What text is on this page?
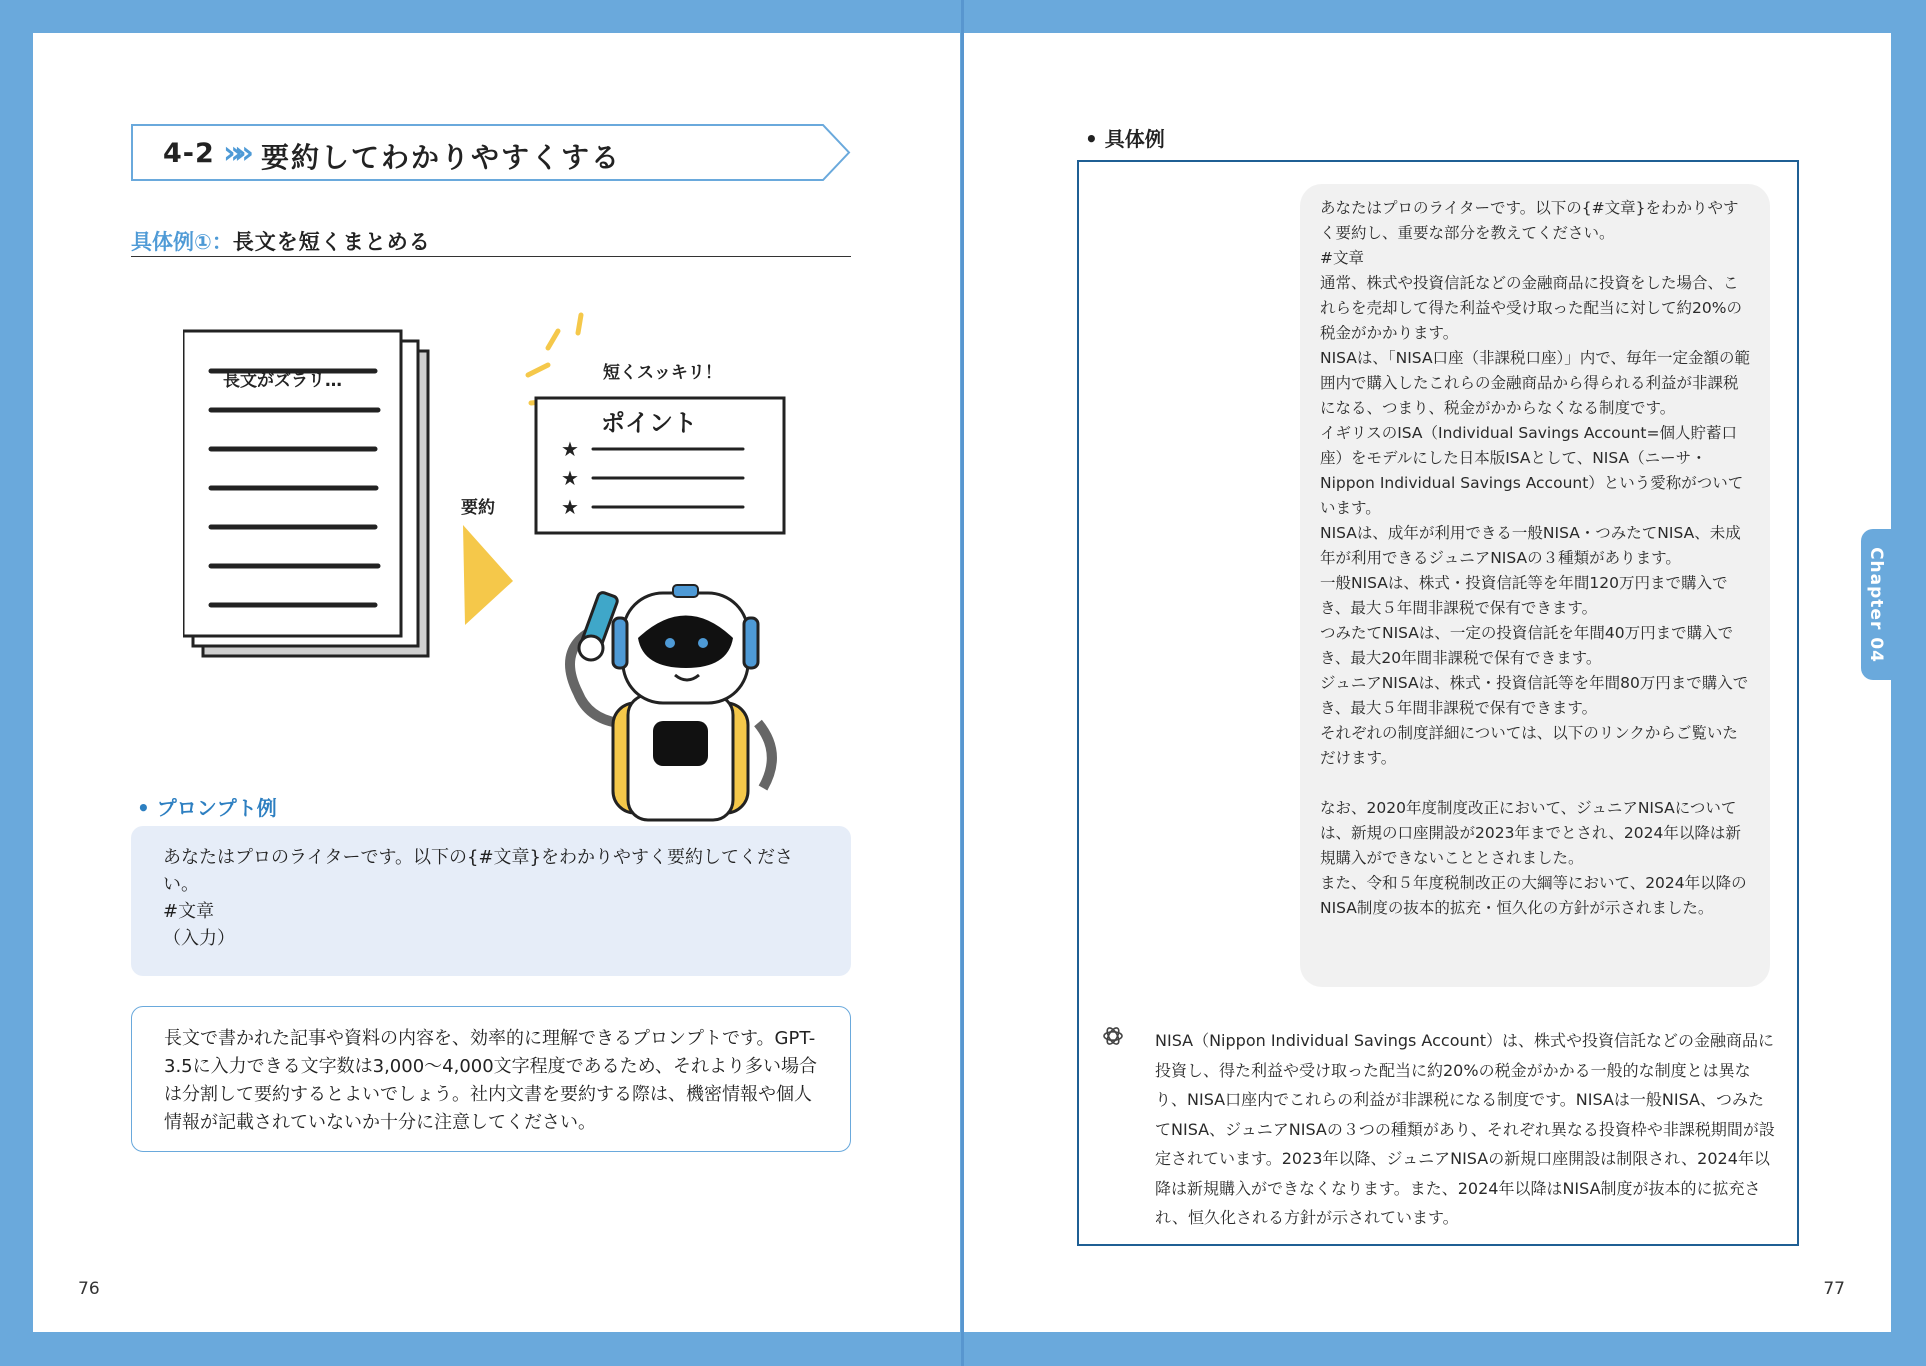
4-2 »» 要約してわかりやすくする
具体例①：長文を短くまとめる
★
★
★
長文がズラリ…	短くスッキリ！
要約
ポイント
• プロンプト例

あなたはプロのライターです。以下の{#文章}をわかりやすく要約してください。
#文章
（入力）

長文で書かれた記事や資料の内容を、効率的に理解できるプロンプトです。GPT-3.5に入力できる文字数は3,000〜4,000文字程度であるため、それより多い場合は分割して要約するとよいでしょう。社内文書を要約する際は、機密情報や個人情報が記載されていないか十分に注意してください。

76
• 具体例

あなたはプロのライターです。以下の{#文章}をわかりやすく要約し、重要な部分を教えてください。
#文章
通常、株式や投資信託などの金融商品に投資をした場合、これらを売却して得た利益や受け取った配当に対して約20%の税金がかかります。
NISAは、「NISA口座（非課税口座）」内で、毎年一定金額の範囲内で購入したこれらの金融商品から得られる利益が非課税になる、つまり、税金がかからなくなる制度です。
イギリスのISA（Individual Savings Account=個人貯蓄口座）をモデルにした日本版ISAとして、NISA（ニーサ・Nippon Individual Savings Account）という愛称がついています。
NISAは、成年が利用できる一般NISA・つみたてNISA、未成年が利用できるジュニアNISAの３種類があります。
一般NISAは、株式・投資信託等を年間120万円まで購入でき、最大５年間非課税で保有できます。
つみたてNISAは、一定の投資信託を年間40万円まで購入でき、最大20年間非課税で保有できます。
ジュニアNISAは、株式・投資信託等を年間80万円まで購入でき、最大５年間非課税で保有できます。
それぞれの制度詳細については、以下のリンクからご覧いただけます。

なお、2020年度制度改正において、ジュニアNISAについては、新規の口座開設が2023年までとされ、2024年以降は新規購入ができないこととされました。
また、令和５年度税制改正の大綱等において、2024年以降のNISA制度の抜本的拡充・恒久化の方針が示されました。

NISA（Nippon Individual Savings Account）は、株式や投資信託などの金融商品に投資し、得た利益や受け取った配当に約20%の税金がかかる一般的な制度とは異なり、NISA口座内でこれらの利益が非課税になる制度です。NISAは一般NISA、つみたてNISA、ジュニアNISAの３つの種類があり、それぞれ異なる投資枠や非課税期間が設定されています。2023年以降、ジュニアNISAの新規口座開設は制限され、2024年以降は新規購入ができなくなります。また、2024年以降はNISA制度が抜本的に拡充され、恒久化される方針が示されています。

Chapter 04
77
